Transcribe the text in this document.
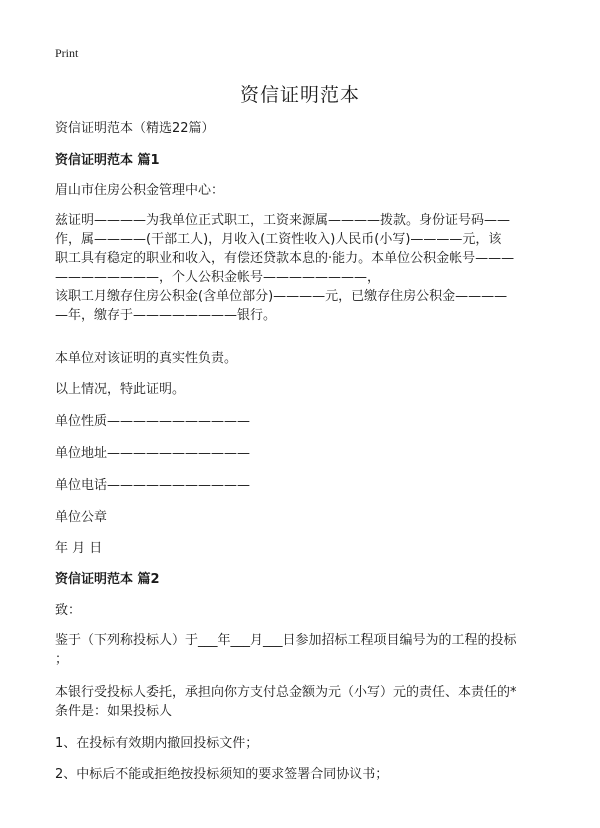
Print
资信证明范本
资信证明范本（精选22篇）
资信证明范本 篇1
眉山市住房公积金管理中心：
兹证明————为我单位正式职工，工资来源属————拨款。身份证号码——
作，属————(干部工人)，月收入(工资性收入)人民币(小写)————元，该
职工具有稳定的职业和收入，有偿还贷款本息的·能力。本单位公积金帐号———
————————，个人公积金帐号————————，
该职工月缴存住房公积金(含单位部分)————元，已缴存住房公积金————
—年，缴存于————————银行。
本单位对该证明的真实性负责。
以上情况，特此证明。
单位性质———————————
单位地址———————————
单位电话———————————
单位公章
年 月 日
资信证明范本 篇2
致：
鉴于（下列称投标人）于___年___月___日参加招标工程项目编号为的工程的投标
；
本银行受投标人委托，承担向你方支付总金额为元（小写）元的责任、本责任的*
条件是：如果投标人
1、在投标有效期内撤回投标文件；
2、中标后不能或拒绝按投标须知的要求签署合同协议书；
